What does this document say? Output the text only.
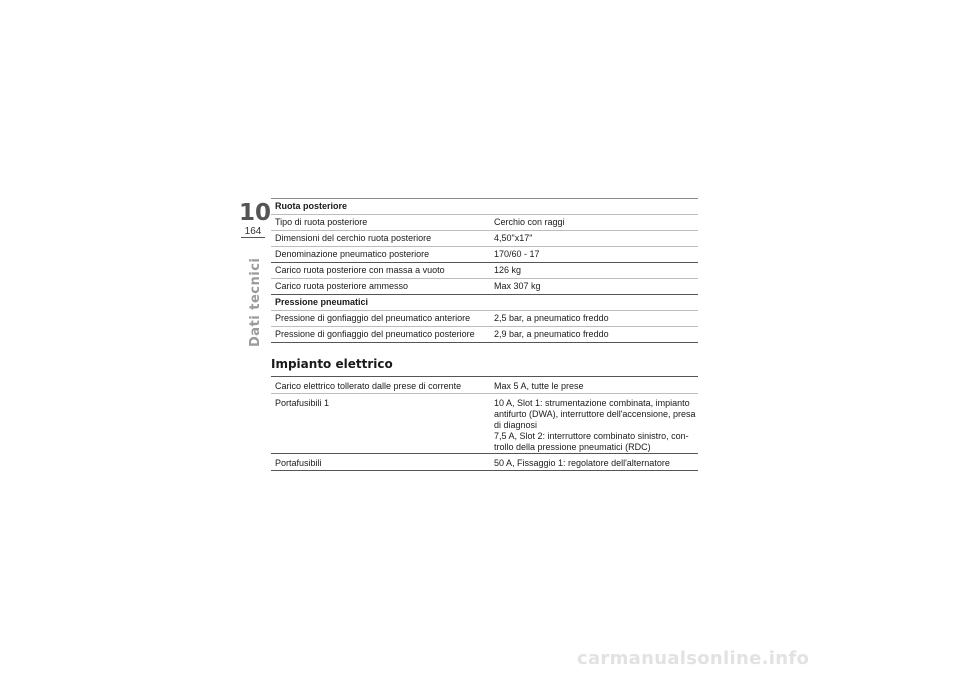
10
164
Dati tecnici
Ruota posteriore	
Tipo di ruota posteriore	Cerchio con raggi
Dimensioni del cerchio ruota posteriore	4,50"x17"
Denominazione pneumatico posteriore	170/60 - 17
Carico ruota posteriore con massa a vuoto	126 kg
Carico ruota posteriore ammesso	Max 307 kg
Pressione pneumatici	
Pressione di gonfiaggio del pneumatico anteriore	2,5 bar, a pneumatico freddo
Pressione di gonfiaggio del pneumatico posteriore	2,9 bar, a pneumatico freddo
Impianto elettrico
Carico elettrico tollerato dalle prese di corrente	Max 5 A, tutte le prese

Portafusibili 1	10 A, Slot 1: strumentazione combinata, impianto
antifurto (DWA), interruttore dell'accensione, presa
di diagnosi
7,5 A, Slot 2: interruttore combinato sinistro, con-
trollo della pressione pneumatici (RDC)

Portafusibili	50 A, Fissaggio 1: regolatore dell'alternatore
carmanualsonline.info
